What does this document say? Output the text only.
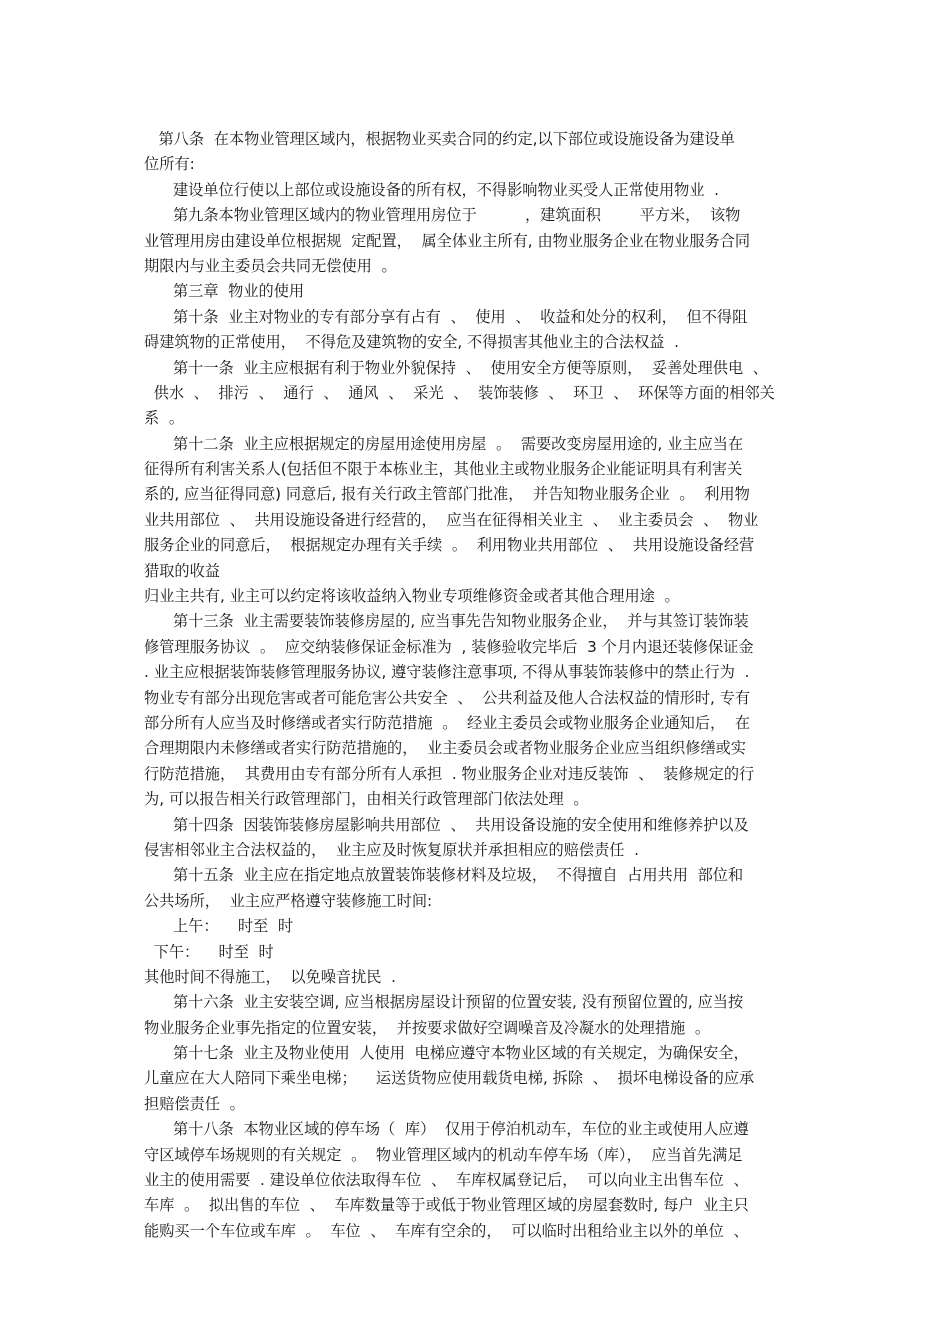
第八条  在本物业管理区域内，根据物业买卖合同的约定,以下部位或设施设备为建设单
位所有:
建设单位行使以上部位或设施设备的所有权，不得影响物业买受人正常使用物业  .
第九条本物业管理区域内的物业管理用房位于          ，建筑面积        平方米，  该物
业管理用房由建设单位根据规  定配置，  属全体业主所有, 由物业服务企业在物业服务合同
期限内与业主委员会共同无偿使用  。
第三章  物业的使用
第十条  业主对物业的专有部分享有占有  、  使用  、  收益和处分的权利，  但不得阻
碍建筑物的正常使用，  不得危及建筑物的安全, 不得损害其他业主的合法权益  .
第十一条  业主应根据有利于物业外貌保持  、  使用安全方便等原则，  妥善处理供电  、
供水  、  排污  、  通行  、  通风  、  采光  、  装饰装修  、  环卫  、  环保等方面的相邻关
系  。
第十二条  业主应根据规定的房屋用途使用房屋  。  需要改变房屋用途的, 业主应当在
征得所有利害关系人(包括但不限于本栋业主，其他业主或物业服务企业能证明具有利害关
系的, 应当征得同意) 同意后, 报有关行政主管部门批准，  并告知物业服务企业  。  利用物
业共用部位  、  共用设施设备进行经营的，  应当在征得相关业主  、  业主委员会  、  物业
服务企业的同意后，  根据规定办理有关手续  。  利用物业共用部位  、  共用设施设备经营
猎取的收益
归业主共有, 业主可以约定将该收益纳入物业专项维修资金或者其他合理用途  。
第十三条  业主需要装饰装修房屋的, 应当事先告知物业服务企业，  并与其签订装饰装
修管理服务协议  。  应交纳装修保证金标准为  , 装修验收完毕后  3 个月内退还装修保证金
. 业主应根据装饰装修管理服务协议, 遵守装修注意事项, 不得从事装饰装修中的禁止行为  .
物业专有部分出现危害或者可能危害公共安全  、  公共利益及他人合法权益的情形时, 专有
部分所有人应当及时修缮或者实行防范措施  。  经业主委员会或物业服务企业通知后，  在
合理期限内未修缮或者实行防范措施的，  业主委员会或者物业服务企业应当组织修缮或实
行防范措施，  其费用由专有部分所有人承担  . 物业服务企业对违反装饰  、  装修规定的行
为, 可以报告相关行政管理部门，由相关行政管理部门依法处理  。
第十四条  因装饰装修房屋影响共用部位  、  共用设备设施的安全使用和维修养护以及
侵害相邻业主合法权益的，  业主应及时恢复原状并承担相应的赔偿责任  .
第十五条  业主应在指定地点放置装饰装修材料及垃圾，  不得擅自  占用共用  部位和
公共场所，  业主应严格遵守装修施工时间:
上午：    时至  时
下午：    时至  时
其他时间不得施工，  以免噪音扰民  .
第十六条  业主安装空调, 应当根据房屋设计预留的位置安装, 没有预留位置的, 应当按
物业服务企业事先指定的位置安装，  并按要求做好空调噪音及冷凝水的处理措施  。
第十七条  业主及物业使用  人使用  电梯应遵守本物业区域的有关规定，为确保安全，
儿童应在大人陪同下乘坐电梯；    运送货物应使用载货电梯, 拆除  、  损坏电梯设备的应承
担赔偿责任  。
第十八条  本物业区域的停车场（  库）  仅用于停泊机动车，车位的业主或使用人应遵
守区域停车场规则的有关规定  。  物业管理区域内的机动车停车场（库），  应当首先满足
业主的使用需要  . 建设单位依法取得车位  、  车库权属登记后，  可以向业主出售车位  、
车库  。  拟出售的车位  、  车库数量等于或低于物业管理区域的房屋套数时, 每户  业主只
能购买一个车位或车库  。  车位  、  车库有空余的，  可以临时出租给业主以外的单位  、
